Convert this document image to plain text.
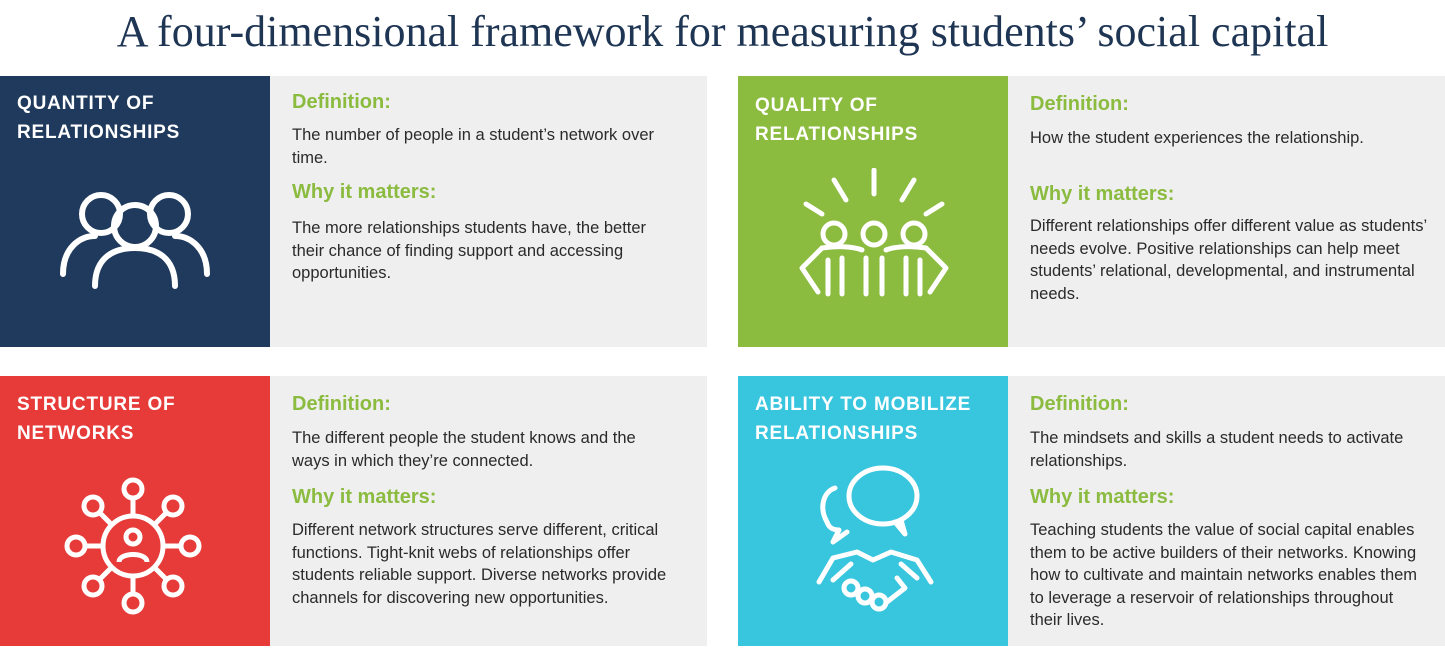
A four-dimensional framework for measuring students’ social capital
QUANTITY OF RELATIONSHIPS
Definition:
The number of people in a student’s network over time.
Why it matters:
The more relationships students have, the better their chance of finding support and accessing opportunities.
QUALITY OF RELATIONSHIPS
Definition:
How the student experiences the relationship.
Why it matters:
Different relationships offer different value as students’ needs evolve. Positive relationships can help meet students’ relational, developmental, and instrumental needs.
STRUCTURE OF NETWORKS
Definition:
The different people the student knows and the ways in which they’re connected.
Why it matters:
Different network structures serve different, critical functions. Tight-knit webs of relationships offer students reliable support. Diverse networks provide channels for discovering new opportunities.
ABILITY TO MOBILIZE RELATIONSHIPS
Definition:
The mindsets and skills a student needs to activate relationships.
Why it matters:
Teaching students the value of social capital enables them to be active builders of their networks. Knowing how to cultivate and maintain networks enables them to leverage a reservoir of relationships throughout their lives.
